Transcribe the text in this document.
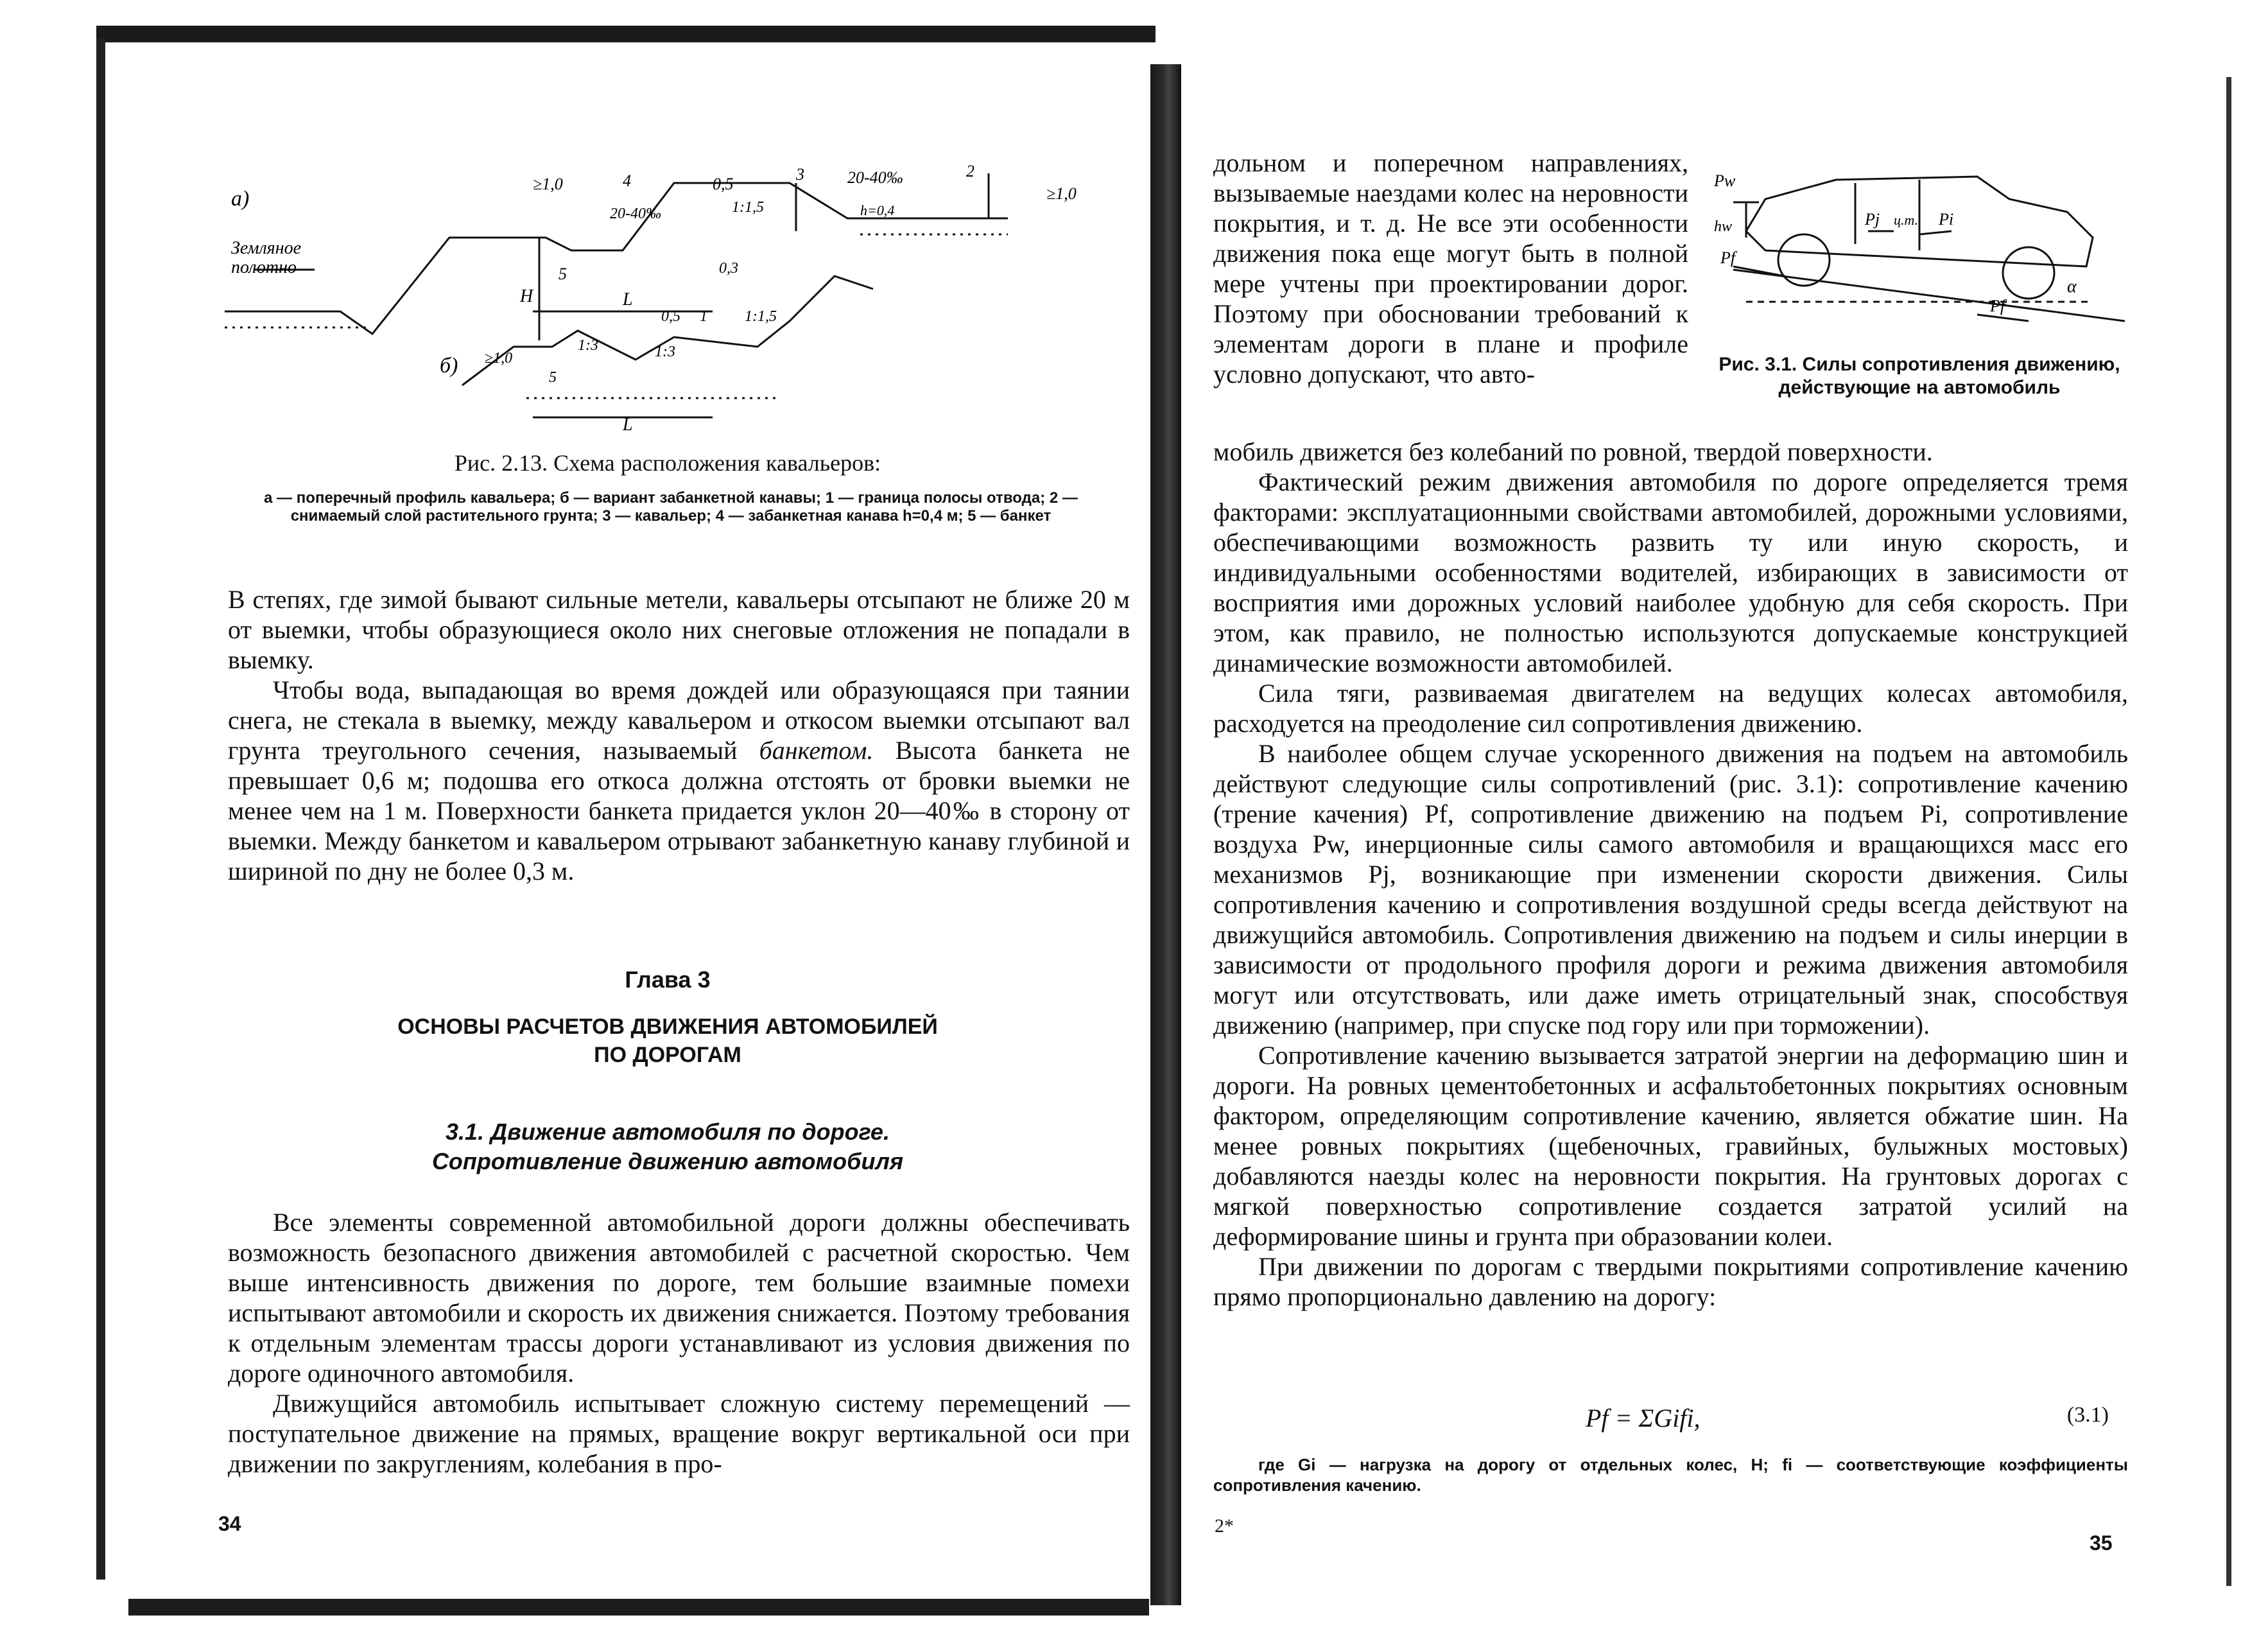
а)
Земляное
полотно
≥1,0	4	0,5
3	20-40‰	2
20-40‰
≥1,0
1:1,5	h=0,4
5
H	L
0,3
0,5 1 1:1,5
б) ≥1,0
1:3	1:3
5
L
Рис. 2.13. Схема расположения кавальеров:
а — поперечный профиль кавальера; б — вариант забанкетной канавы; 1 — граница полосы отвода; 2 — снимаемый слой растительного грунта; 3 — кавальер; 4 — забанкетная канава h=0,4 м; 5 — банкет

В степях, где зимой бывают сильные метели, кавальеры отсыпают не ближе 20 м от выемки, чтобы образующиеся около них снеговые отложения не попадали в выемку.

Чтобы вода, выпадающая во время дождей или образующаяся при таянии снега, не стекала в выемку, между кавальером и откосом выемки отсыпают вал грунта треугольного сечения, называемый банкетом. Высота банкета не превышает 0,6 м; подошва его откоса должна отстоять от бровки выемки не менее чем на 1 м. Поверхности банкета придается уклон 20—40‰ в сторону от выемки. Между банкетом и кавальером отрывают забанкетную канаву глубиной и шириной по дну не более 0,3 м.

Глава 3
ОСНОВЫ РАСЧЕТОВ ДВИЖЕНИЯ АВТОМОБИЛЕЙ
ПО ДОРОГАМ
3.1. Движение автомобиля по дороге.
Сопротивление движению автомобиля

Все элементы современной автомобильной дороги должны обеспечивать возможность безопасного движения автомобилей с расчетной скоростью. Чем выше интенсивность движения по дороге, тем большие взаимные помехи испытывают автомобили и скорость их движения снижается. Поэтому требования к отдельным элементам трассы дороги устанавливают из условия движения по дороге одиночного автомобиля.

Движущийся автомобиль испытывает сложную систему перемещений — поступательное движение на прямых, вращение вокруг вертикальной оси при движении по закруглениям, колебания в про-

34

дольном и поперечном направлениях, вызываемые наездами колес на неровности покрытия, и т. д. Не все эти особенности движения пока еще могут быть в полной мере учтены при проектировании дорог. Поэтому при обосновании требований к элементам дороги в плане и профиле условно допускают, что авто-

Pw
hw	Pj ц.т. Pi
Pf
Pf
α
Рис. 3.1. Силы сопротивления движению, действующие на автомобиль

мобиль движется без колебаний по ровной, твердой поверхности.

Фактический режим движения автомобиля по дороге определяется тремя факторами: эксплуатационными свойствами автомобилей, дорожными условиями, обеспечивающими возможность развить ту или иную скорость, и индивидуальными особенностями водителей, избирающих в зависимости от восприятия ими дорожных условий наиболее удобную для себя скорость. При этом, как правило, не полностью используются допускаемые конструкцией динамические возможности автомобилей.

Сила тяги, развиваемая двигателем на ведущих колесах автомобиля, расходуется на преодоление сил сопротивления движению.

В наиболее общем случае ускоренного движения на подъем на автомобиль действуют следующие силы сопротивлений (рис. 3.1): сопротивление качению (трение качения) Pf, сопротивление движению на подъем Pi, сопротивление воздуха Pw, инерционные силы самого автомобиля и вращающихся масс его механизмов Pj, возникающие при изменении скорости движения. Силы сопротивления качению и сопротивления воздушной среды всегда действуют на движущийся автомобиль. Сопротивления движению на подъем и силы инерции в зависимости от продольного профиля дороги и режима движения автомобиля могут или отсутствовать, или даже иметь отрицательный знак, способствуя движению (например, при спуске под гору или при торможении).

Сопротивление качению вызывается затратой энергии на деформацию шин и дороги. На ровных цементобетонных и асфальтобетонных покрытиях основным фактором, определяющим сопротивление качению, является обжатие шин. На менее ровных покрытиях (щебеночных, гравийных, булыжных мостовых) добавляются наезды колес на неровности покрытия. На грунтовых дорогах с мягкой поверхностью сопротивление создается затратой усилий на деформирование шины и грунта при образовании колеи.

При движении по дорогам с твердыми покрытиями сопротивление качению прямо пропорционально давлению на дорогу:

Pf = ΣGifi,	(3.1)
где Gi — нагрузка на дорогу от отдельных колес, Н; fi — соответствующие коэффициенты сопротивления качению.
2*
35
